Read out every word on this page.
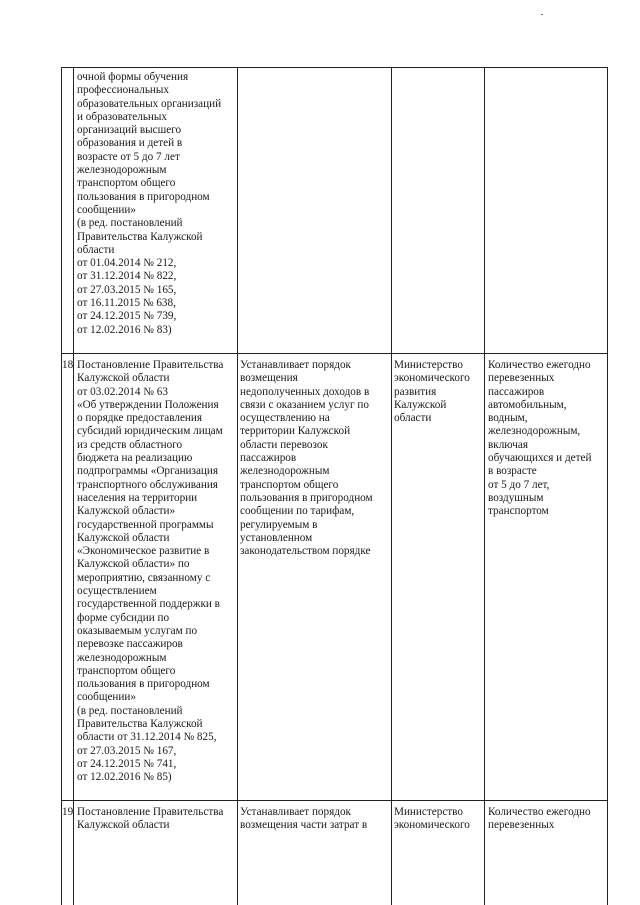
очной формы обучения
профессиональных
образовательных организаций
и образовательных
организаций высшего
образования и детей в
возрасте от 5 до 7 лет
железнодорожным
транспортом общего
пользования в пригородном
сообщении»
(в ред. постановлений
Правительства Калужской
области
от 01.04.2014 № 212,
от 31.12.2014 № 822,
от 27.03.2015 № 165,
от 16.11.2015 № 638,
от 24.12.2015 № 739,
от 12.02.2016 № 83)
18 Постановление Правительства
Калужской области
от 03.02.2014 № 63
«Об утверждении Положения
о порядке предоставления
субсидий юридическим лицам
из средств областного
бюджета на реализацию
подпрограммы «Организация
транспортного обслуживания
населения на территории
Калужской области»
государственной программы
Калужской области
«Экономическое развитие в
Калужской области» по
мероприятию, связанному с
осуществлением
государственной поддержки в
форме субсидии по
оказываемым услугам по
перевозке пассажиров
железнодорожным
транспортом общего
пользования в пригородном
сообщении»
(в ред. постановлений
Правительства Калужской
области от 31.12.2014 № 825,
от 27.03.2015 № 167,
от 24.12.2015 № 741,
от 12.02.2016 № 85)
Устанавливает порядок
возмещения
недополученных доходов в
связи с оказанием услуг по
осуществлению на
территории Калужской
области перевозок
пассажиров
железнодорожным
транспортом общего
пользования в пригородном
сообщении по тарифам,
регулируемым в
установленном
законодательством порядке
Министерство
экономического
развития
Калужской
области
Количество ежегодно
перевезенных
пассажиров
автомобильным,
водным,
железнодорожным,
включая
обучающихся и детей
в возрасте
от 5 до 7 лет,
воздушным
транспортом
19 Постановление Правительства
Калужской области
Устанавливает порядок
возмещения части затрат в
Министерство
экономического
Количество ежегодно
перевезенных
